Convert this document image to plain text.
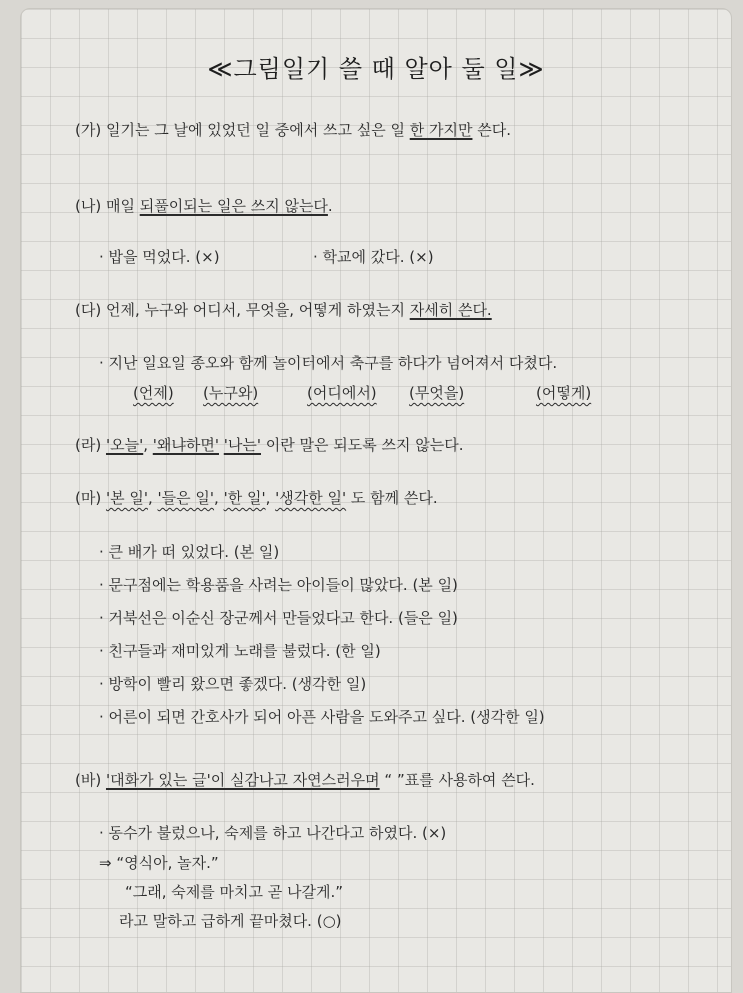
≪그림일기 쓸 때 알아 둘 일≫
(가) 일기는 그 날에 있었던 일 중에서 쓰고 싶은 일 한 가지만 쓴다.
(나) 매일 되풀이되는 일은 쓰지 않는다.
· 밥을 먹었다. (×)	· 학교에 갔다. (×)
(다) 언제, 누구와 어디서, 무엇을, 어떻게 하였는지 자세히 쓴다.
· 지난 일요일 종오와 함께 놀이터에서 축구를 하다가 넘어져서 다쳤다.
(언제) (누구와)	(어디에서) (무엇을)	(어떻게)
(라) '오늘', '왜냐하면' '나는' 이란 말은 되도록 쓰지 않는다.
(마) '본 일', '들은 일', '한 일', '생각한 일' 도 함께 쓴다.
· 큰 배가 떠 있었다. (본 일)
· 문구점에는 학용품을 사려는 아이들이 많았다. (본 일)
· 거북선은 이순신 장군께서 만들었다고 한다. (들은 일)
· 친구들과 재미있게 노래를 불렀다. (한 일)
· 방학이 빨리 왔으면 좋겠다. (생각한 일)
· 어른이 되면 간호사가 되어 아픈 사람을 도와주고 싶다. (생각한 일)
(바) '대화가 있는 글'이 실감나고 자연스러우며 “ ”표를 사용하여 쓴다.
· 동수가 불렀으나, 숙제를 하고 나간다고 하였다. (×)
⇒ “영식아, 놀자.”
“그래, 숙제를 마치고 곧 나갈게.”
라고 말하고 급하게 끝마쳤다. (○)
